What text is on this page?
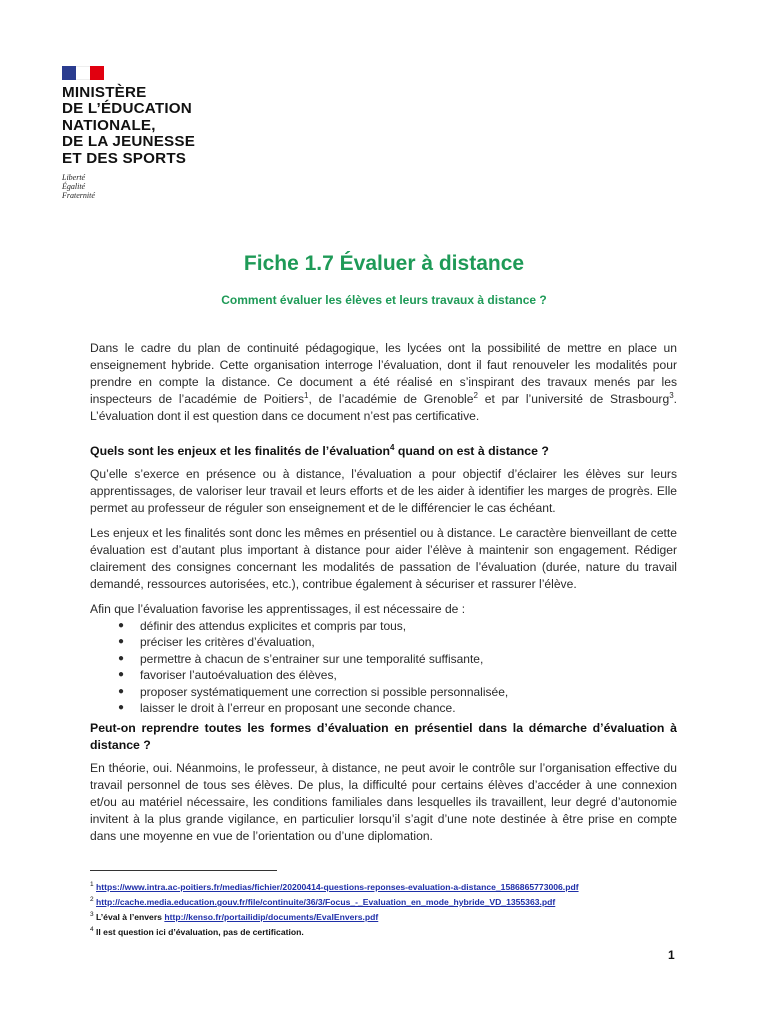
MINISTÈRE
DE L’ÉDUCATION
NATIONALE,
DE LA JEUNESSE
ET DES SPORTS
Liberté
Égalité
Fraternité
Fiche 1.7 Évaluer à distance
Comment évaluer les élèves et leurs travaux à distance ?

Dans le cadre du plan de continuité pédagogique, les lycées ont la possibilité de mettre en place un enseignement hybride. Cette organisation interroge l’évaluation, dont il faut renouveler les modalités pour prendre en compte la distance. Ce document a été réalisé en s’inspirant des travaux menés par les inspecteurs de l’académie de Poitiers$^1$, de l’académie de Grenoble$^2$ et par l’université de Strasbourg$^3$. L’évaluation dont il est question dans ce document n’est pas certificative.

Quels sont les enjeux et les finalités de l’évaluation$^4$ quand on est à distance ?

Qu’elle s’exerce en présence ou à distance, l’évaluation a pour objectif d’éclairer les élèves sur leurs apprentissages, de valoriser leur travail et leurs efforts et de les aider à identifier les marges de progrès. Elle permet au professeur de réguler son enseignement et de le différencier le cas échéant.

Les enjeux et les finalités sont donc les mêmes en présentiel ou à distance. Le caractère bienveillant de cette évaluation est d’autant plus important à distance pour aider l’élève à maintenir son engagement. Rédiger clairement des consignes concernant les modalités de passation de l’évaluation (durée, nature du travail demandé, ressources autorisées, etc.), contribue également à sécuriser et rassurer l’élève.

Afin que l’évaluation favorise les apprentissages, il est nécessaire de :

● définir des attendus explicites et compris par tous,
● préciser les critères d’évaluation,
● permettre à chacun de s’entrainer sur une temporalité suffisante,
● favoriser l’autoévaluation des élèves,
● proposer systématiquement une correction si possible personnalisée,
● laisser le droit à l’erreur en proposant une seconde chance.

Peut-on reprendre toutes les formes d’évaluation en présentiel dans la démarche d’évaluation à distance ?

En théorie, oui. Néanmoins, le professeur, à distance, ne peut avoir le contrôle sur l’organisation effective du travail personnel de tous ses élèves. De plus, la difficulté pour certains élèves d’accéder à une connexion et/ou au matériel nécessaire, les conditions familiales dans lesquelles ils travaillent, leur degré d’autonomie invitent à la plus grande vigilance, en particulier lorsqu’il s’agit d’une note destinée à être prise en compte dans une moyenne en vue de l’orientation ou d’une diplomation.

$^1$ https://www.intra.ac-poitiers.fr/medias/fichier/20200414-questions-reponses-evaluation-a-distance_1586865773006.pdf
$^2$ http://cache.media.education.gouv.fr/file/continuite/36/3/Focus_-_Evaluation_en_mode_hybride_VD_1355363.pdf
$^3$ L’éval à l’envers http://kenso.fr/portailidip/documents/EvalEnvers.pdf
$^4$ Il est question ici d’évaluation, pas de certification.
1
